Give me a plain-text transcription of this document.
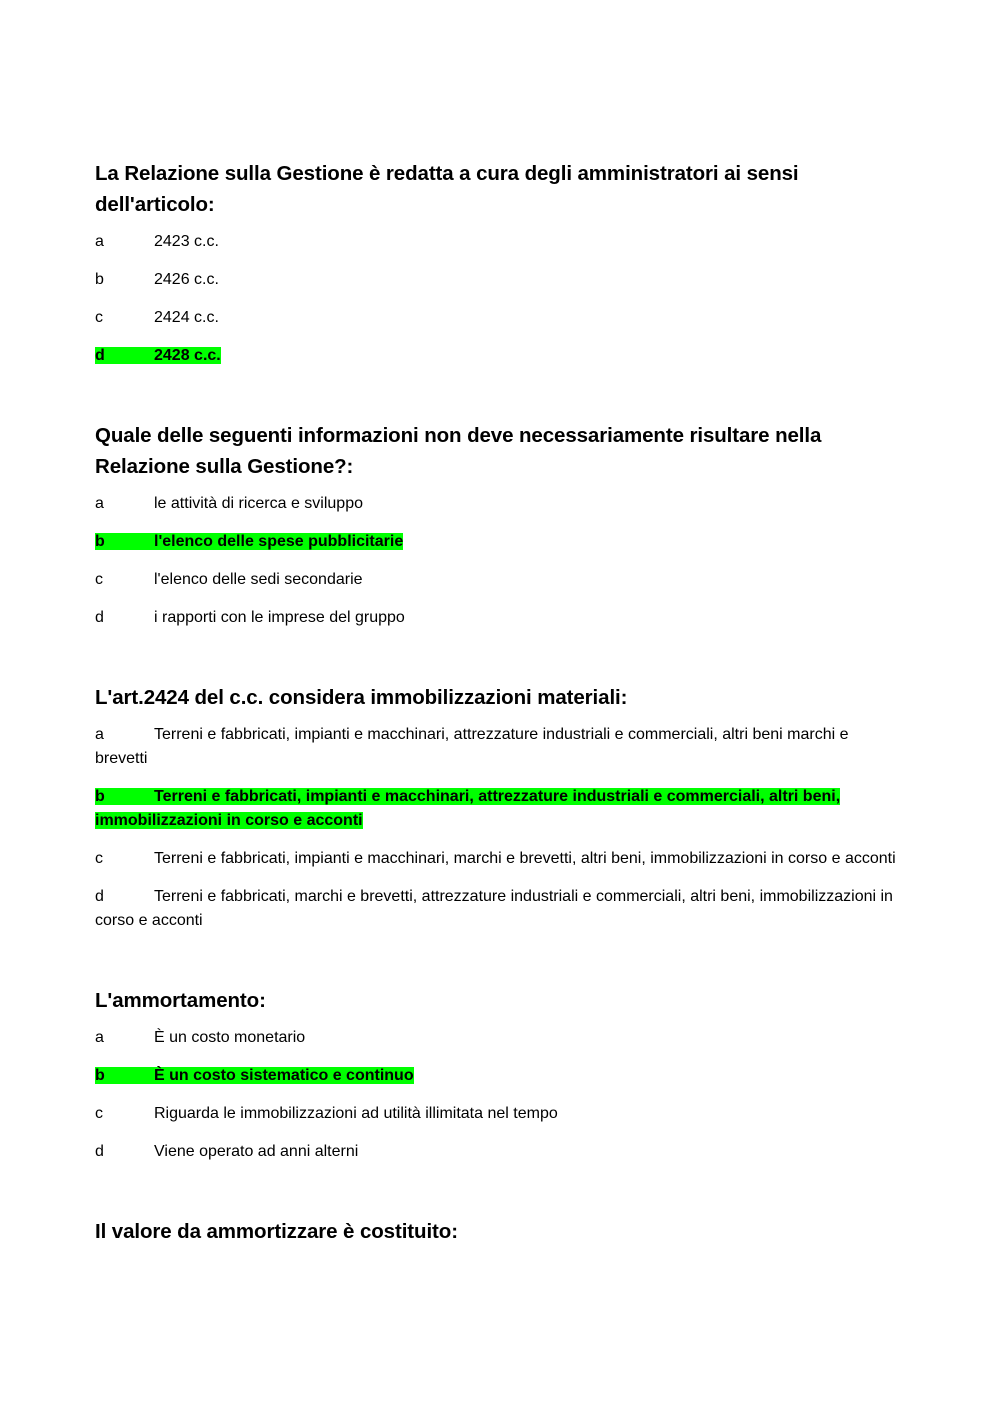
La Relazione sulla Gestione è redatta a cura degli amministratori ai sensi dell'articolo:
a	2423 c.c.
b	2426 c.c.
c	2424 c.c.
d	2428 c.c.
Quale delle seguenti informazioni non deve necessariamente risultare nella Relazione sulla Gestione?:
a	le attività di ricerca e sviluppo
b	l'elenco delle spese pubblicitarie
c	l'elenco delle sedi secondarie
d	i rapporti con le imprese del gruppo
L'art.2424 del c.c. considera immobilizzazioni materiali:
a	Terreni e fabbricati, impianti e macchinari, attrezzature industriali e commerciali, altri beni marchi e brevetti
b	Terreni e fabbricati, impianti e macchinari, attrezzature industriali e commerciali, altri beni, immobilizzazioni in corso e acconti
c	Terreni e fabbricati, impianti e macchinari, marchi e brevetti, altri beni, immobilizzazioni in corso e acconti
d	Terreni e fabbricati, marchi e brevetti, attrezzature industriali e commerciali, altri beni, immobilizzazioni in corso e acconti
L'ammortamento:
a	È un costo monetario
b	È un costo sistematico e continuo
c	Riguarda le immobilizzazioni ad utilità illimitata nel tempo
d	Viene operato ad anni alterni
Il valore da ammortizzare è costituito:
